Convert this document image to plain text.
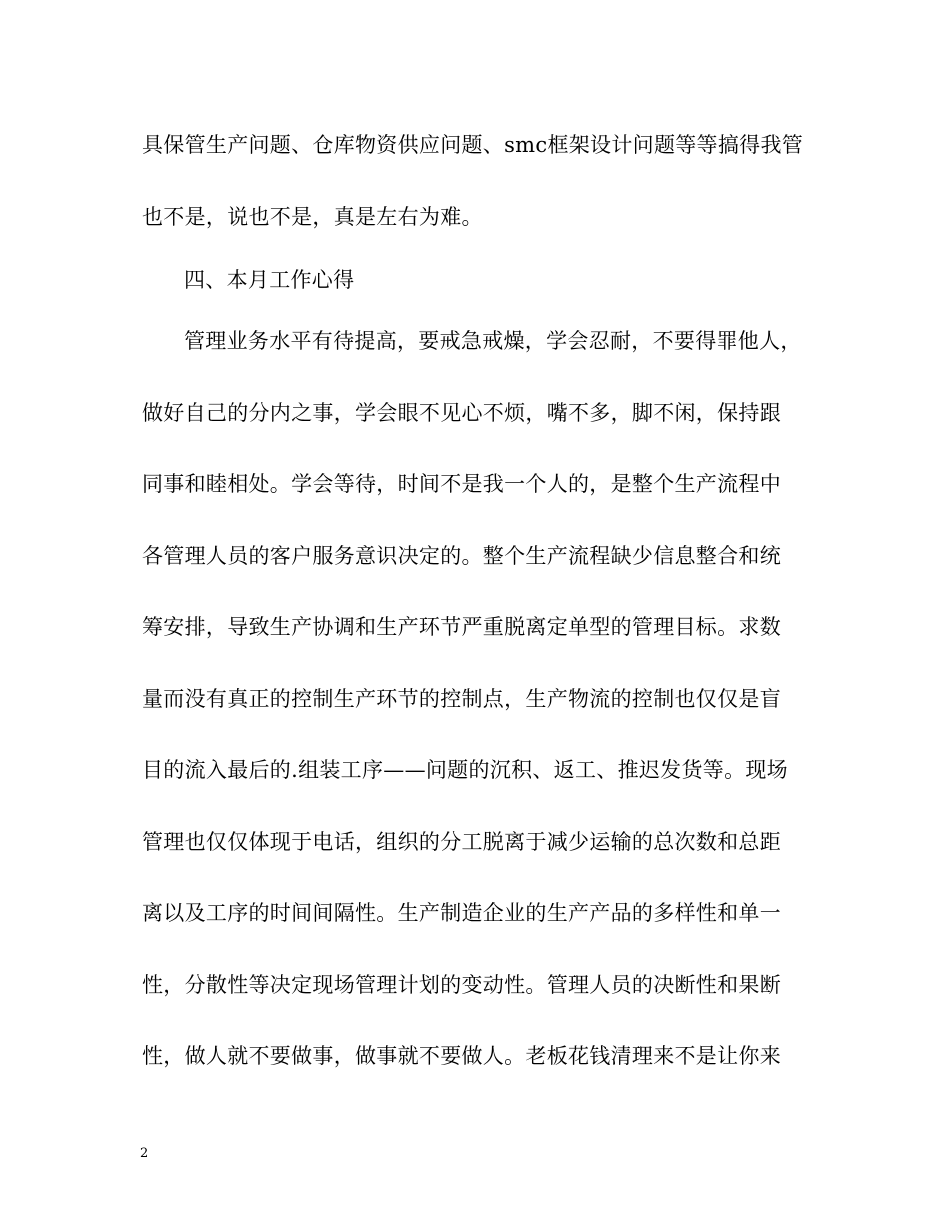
具保管生产问题、仓库物资供应问题、smc框架设计问题等等搞得我管
也不是，说也不是，真是左右为难。
四、本月工作心得
管理业务水平有待提高，要戒急戒燥，学会忍耐，不要得罪他人，
做好自己的分内之事，学会眼不见心不烦，嘴不多，脚不闲，保持跟
同事和睦相处。学会等待，时间不是我一个人的，是整个生产流程中
各管理人员的客户服务意识决定的。整个生产流程缺少信息整合和统
筹安排，导致生产协调和生产环节严重脱离定单型的管理目标。求数
量而没有真正的控制生产环节的控制点，生产物流的控制也仅仅是盲
目的流入最后的.组装工序——问题的沉积、返工、推迟发货等。现场
管理也仅仅体现于电话，组织的分工脱离于减少运输的总次数和总距
离以及工序的时间间隔性。生产制造企业的生产产品的多样性和单一
性，分散性等决定现场管理计划的变动性。管理人员的决断性和果断
性，做人就不要做事，做事就不要做人。老板花钱清理来不是让你来
2
